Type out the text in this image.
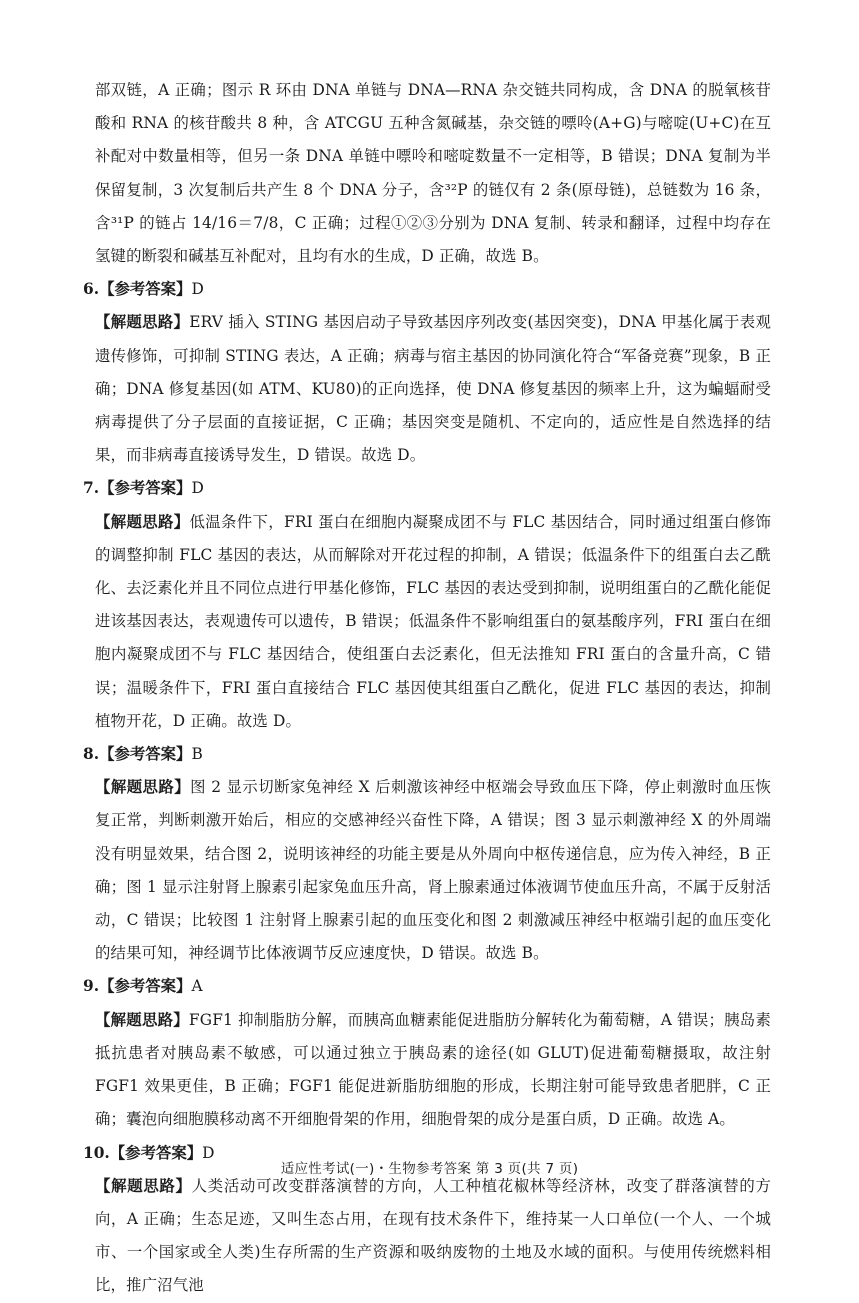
部双链，A 正确；图示 R 环由 DNA 单链与 DNA—RNA 杂交链共同构成，含 DNA 的脱氧核苷酸和 RNA 的核苷酸共 8 种，含 ATCGU 五种含氮碱基，杂交链的嘌呤(A+G)与嘧啶(U+C)在互补配对中数量相等，但另一条 DNA 单链中嘌呤和嘧啶数量不一定相等，B 错误；DNA 复制为半保留复制，3 次复制后共产生 8 个 DNA 分子，含³²P 的链仅有 2 条(原母链)，总链数为 16 条，含³¹P 的链占 14/16＝7/8，C 正确；过程①②③分别为 DNA 复制、转录和翻译，过程中均存在氢键的断裂和碱基互补配对，且均有水的生成，D 正确，故选 B。

6.【参考答案】D

【解题思路】ERV 插入 STING 基因启动子导致基因序列改变(基因突变)，DNA 甲基化属于表观遗传修饰，可抑制 STING 表达，A 正确；病毒与宿主基因的协同演化符合“军备竞赛”现象，B 正确；DNA 修复基因(如 ATM、KU80)的正向选择，使 DNA 修复基因的频率上升，这为蝙蝠耐受病毒提供了分子层面的直接证据，C 正确；基因突变是随机、不定向的，适应性是自然选择的结果，而非病毒直接诱导发生，D 错误。故选 D。

7.【参考答案】D

【解题思路】低温条件下，FRI 蛋白在细胞内凝聚成团不与 FLC 基因结合，同时通过组蛋白修饰的调整抑制 FLC 基因的表达，从而解除对开花过程的抑制，A 错误；低温条件下的组蛋白去乙酰化、去泛素化并且不同位点进行甲基化修饰，FLC 基因的表达受到抑制，说明组蛋白的乙酰化能促进该基因表达，表观遗传可以遗传，B 错误；低温条件不影响组蛋白的氨基酸序列，FRI 蛋白在细胞内凝聚成团不与 FLC 基因结合，使组蛋白去泛素化，但无法推知 FRI 蛋白的含量升高，C 错误；温暖条件下，FRI 蛋白直接结合 FLC 基因使其组蛋白乙酰化，促进 FLC 基因的表达，抑制植物开花，D 正确。故选 D。

8.【参考答案】B

【解题思路】图 2 显示切断家兔神经 X 后刺激该神经中枢端会导致血压下降，停止刺激时血压恢复正常，判断刺激开始后，相应的交感神经兴奋性下降，A 错误；图 3 显示刺激神经 X 的外周端没有明显效果，结合图 2，说明该神经的功能主要是从外周向中枢传递信息，应为传入神经，B 正确；图 1 显示注射肾上腺素引起家兔血压升高，肾上腺素通过体液调节使血压升高，不属于反射活动，C 错误；比较图 1 注射肾上腺素引起的血压变化和图 2 刺激减压神经中枢端引起的血压变化的结果可知，神经调节比体液调节反应速度快，D 错误。故选 B。

9.【参考答案】A

【解题思路】FGF1 抑制脂肪分解，而胰高血糖素能促进脂肪分解转化为葡萄糖，A 错误；胰岛素抵抗患者对胰岛素不敏感，可以通过独立于胰岛素的途径(如 GLUT)促进葡萄糖摄取，故注射 FGF1 效果更佳，B 正确；FGF1 能促进新脂肪细胞的形成，长期注射可能导致患者肥胖，C 正确；囊泡向细胞膜移动离不开细胞骨架的作用，细胞骨架的成分是蛋白质，D 正确。故选 A。

10.【参考答案】D

【解题思路】人类活动可改变群落演替的方向，人工种植花椒林等经济林，改变了群落演替的方向，A 正确；生态足迹，又叫生态占用，在现有技术条件下，维持某一人口单位(一个人、一个城市、一个国家或全人类)生存所需的生产资源和吸纳废物的土地及水域的面积。与使用传统燃料相比，推广沼气池

适应性考试(一)・生物参考答案 第 3 页(共 7 页)
